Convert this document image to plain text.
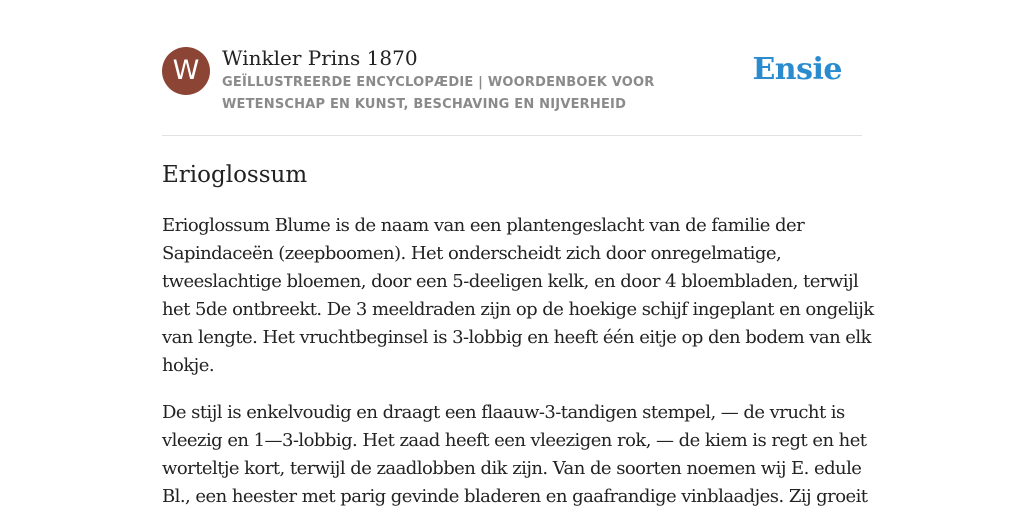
W	Winkler Prins 1870
GEÏLLUSTREERDE ENCYCLOPÆDIE | WOORDENBOEK VOOR WETENSCHAP EN KUNST, BESCHAVING EN NIJVERHEID
Ensie
Erioglossum

Erioglossum Blume is de naam van een plantengeslacht van de familie der Sapindaceën (zeepboomen). Het onderscheidt zich door onregelmatige, tweeslachtige bloemen, door een 5-deeligen kelk, en door 4 bloembladen, terwijl het 5de ontbreekt. De 3 meeldraden zijn op de hoekige schijf ingeplant en ongelijk van lengte. Het vruchtbeginsel is 3-lobbig en heeft één eitje op den bodem van elk hokje.

De stijl is enkelvoudig en draagt een flaauw-3-tandigen stempel, — de vrucht is vleezig en 1—3-lobbig. Het zaad heeft een vleezigen rok, — de kiem is regt en het worteltje kort, terwijl de zaadlobben dik zijn. Van de soorten noemen wij E. edule Bl., een heester met parig gevinde bladeren en gaafrandige vinblaadjes. Zij groeit
